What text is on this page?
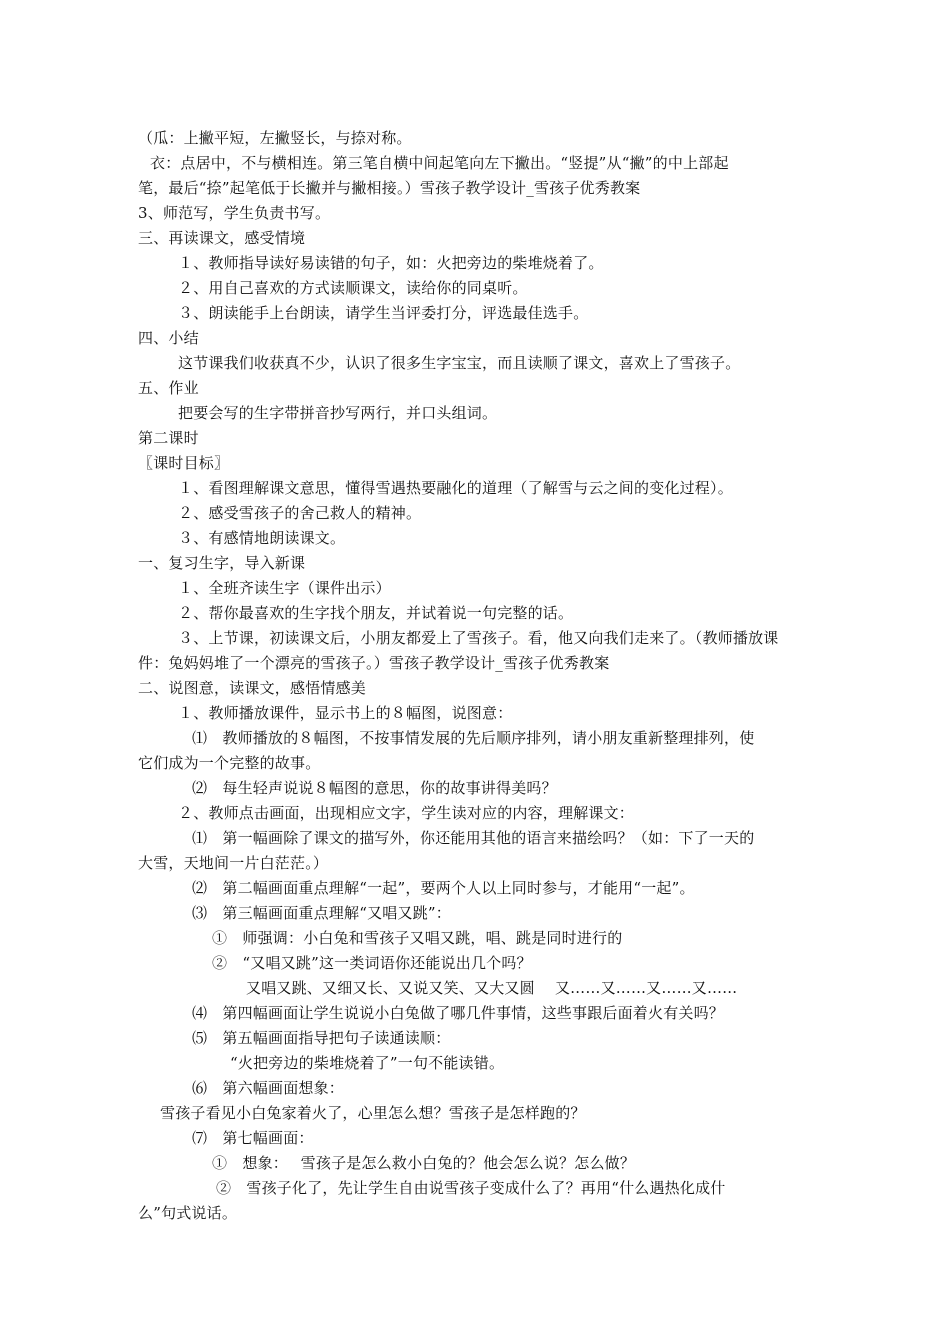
（瓜：上撇平短，左撇竖长，与捺对称。
衣：点居中，不与横相连。第三笔自横中间起笔向左下撇出。“竖提”从“撇”的中上部起
笔，最后“捺”起笔低于长撇并与撇相接。）雪孩子教学设计_雪孩子优秀教案
3、师范写，学生负责书写。
三、再读课文，感受情境
１、教师指导读好易读错的句子，如：火把旁边的柴堆烧着了。
２、用自己喜欢的方式读顺课文，读给你的同桌听。
３、朗读能手上台朗读，请学生当评委打分，评选最佳选手。
四、小结
这节课我们收获真不少，认识了很多生字宝宝，而且读顺了课文，喜欢上了雪孩子。
五、作业
把要会写的生字带拼音抄写两行，并口头组词。
第二课时
〖课时目标〗
１、看图理解课文意思，懂得雪遇热要融化的道理（了解雪与云之间的变化过程）。
２、感受雪孩子的舍己救人的精神。
３、有感情地朗读课文。
一、复习生字，导入新课
１、全班齐读生字（课件出示）
２、帮你最喜欢的生字找个朋友，并试着说一句完整的话。
３、上节课，初读课文后，小朋友都爱上了雪孩子。看，他又向我们走来了。（教师播放课
件：兔妈妈堆了一个漂亮的雪孩子。）雪孩子教学设计_雪孩子优秀教案
二、说图意，读课文，感悟情感美
１、教师播放课件，显示书上的８幅图，说图意：
⑴　教师播放的８幅图，不按事情发展的先后顺序排列，请小朋友重新整理排列，使
它们成为一个完整的故事。
⑵　每生轻声说说８幅图的意思，你的故事讲得美吗？
２、教师点击画面，出现相应文字，学生读对应的内容，理解课文：
⑴　第一幅画除了课文的描写外，你还能用其他的语言来描绘吗？（如：下了一天的
大雪，天地间一片白茫茫。）
⑵　第二幅画面重点理解“一起”，要两个人以上同时参与，才能用“一起”。
⑶　第三幅画面重点理解“又唱又跳”：
①　师强调：小白兔和雪孩子又唱又跳，唱、跳是同时进行的
②　“又唱又跳”这一类词语你还能说出几个吗？
又唱又跳、又细又长、又说又笑、又大又圆　 又……又……又……又……
⑷　第四幅画面让学生说说小白兔做了哪几件事情，这些事跟后面着火有关吗？
⑸　第五幅画面指导把句子读通读顺：
“火把旁边的柴堆烧着了”一句不能读错。
⑹　第六幅画面想象：
雪孩子看见小白兔家着火了，心里怎么想？雪孩子是怎样跑的？
⑺　第七幅画面：
①　想象：　 雪孩子是怎么救小白兔的？他会怎么说？怎么做？
②　雪孩子化了，先让学生自由说雪孩子变成什么了？再用“什么遇热化成什
么”句式说话。
